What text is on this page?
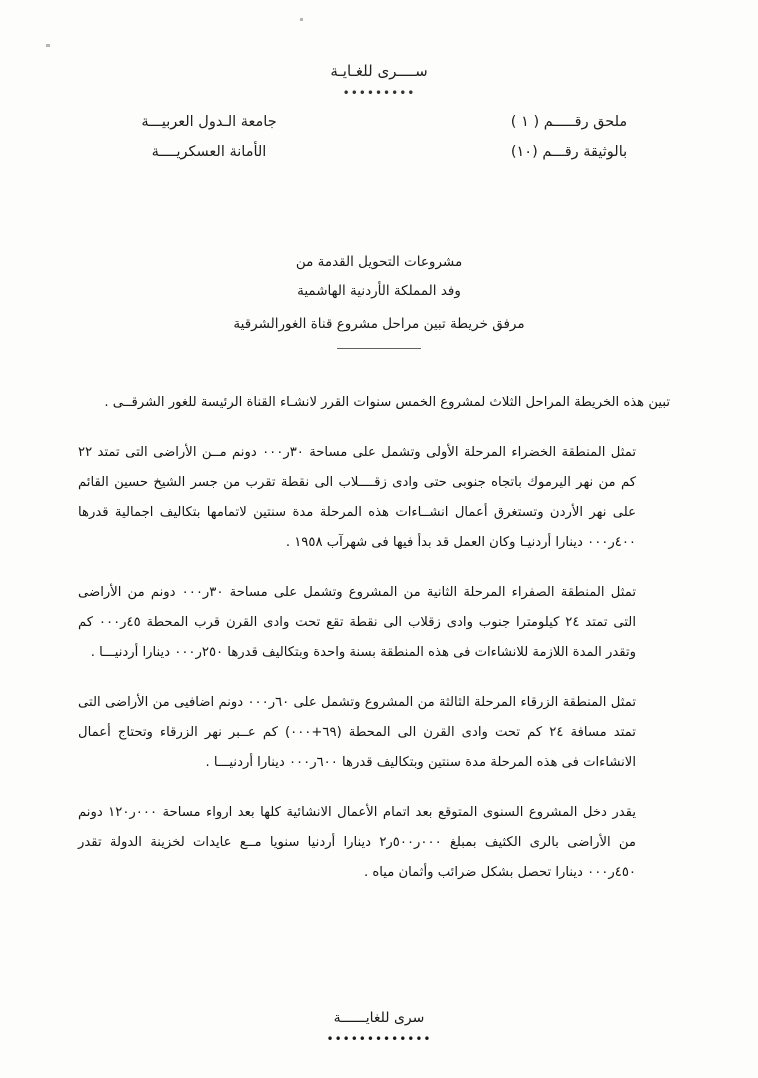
ســــرى للغـايـة
•••••••••
ملحق رقـــــم ( ١ )
جامعة الـدول العربيـــة
بالوثيقة رقـــم (١٠)
الأمانة العسكريــــة
مشروعات التحويل القدمة من
وفد المملكة الأردنية الهاشمية
مرفق خريطة تبين مراحل مشروع قناة الغورالشرقية

تبين هذه الخريطة المراحل الثلاث لمشروع الخمس سنوات القرر لانشـاء القناة الرئيسة للغور الشرقــى .

تمثل المنطقة الخضراء المرحلة الأولى وتشمل على مساحة ٣٠ر٠٠٠ دونم مــن الأراضى التى تمتد ٢٢ كم من نهر اليرموك باتجاه جنوبى حتى وادى زقــــلاب الى نقطة تقرب من جسر الشيخ حسين القائم على نهر الأردن وتستغرق أعمال انشــاءات هذه المرحلة مدة سنتين لاتمامها بتكاليف اجمالية قدرها ٤٠٠ر٠٠٠ دينارا أردنيـا وكان العمل قد بدأ فيها فى شهرآب ١٩٥٨ .

تمثل المنطقة الصفراء المرحلة الثانية من المشروع وتشمل على مساحة ٣٠ر٠٠٠ دونم من الأراضى التى تمتد ٢٤ كيلومترا جنوب وادى زقلاب الى نقطة تقع تحت وادى القرن قرب المحطة ٤٥ر٠٠٠ كم وتقدر المدة اللازمة للانشاءات فى هذه المنطقة بسنة واحدة وبتكاليف قدرها ٢٥٠ر٠٠٠ دينارا أردنيـــا .

تمثل المنطقة الزرقاء المرحلة الثالثة من المشروع وتشمل على ٦٠ر٠٠٠ دونم اضافيى من الأراضى التى تمتد مسافة ٢٤ كم تحت وادى القرن الى المحطة (٦٩+٠٠٠) كم عــبر نهر الزرقاء وتحتاج أعمال الانشاءات فى هذه المرحلة مدة سنتين وبتكاليف قدرها ٦٠٠ر٠٠٠ دينارا أردنيـــا .

يقدر دخل المشروع السنوى المتوقع بعد اتمام الأعمال الانشائية كلها بعد ارواء مساحة ٠٠٠ر١٢٠ دونم من الأراضى بالرى الكثيف بمبلغ ٠٠٠ر٥٠٠ر٢ دينارا أردنيا سنويا مــع عايدات لخزينة الدولة تقدر ٤٥٠ر٠٠٠ دينارا تحصل بشكل ضرائب وأثمان مياه .

سرى للغايــــــة
•••••••••••••
